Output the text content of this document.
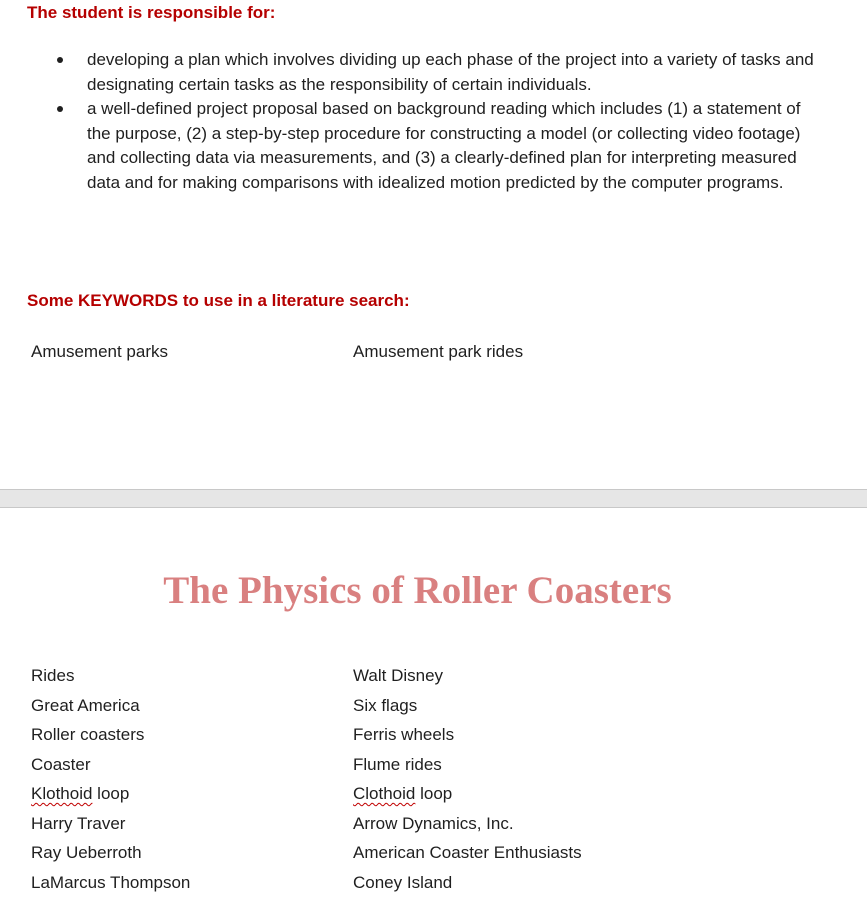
The student is responsible for:
developing a plan which involves dividing up each phase of the project into a variety of tasks and designating certain tasks as the responsibility of certain individuals.
a well-defined project proposal based on background reading which includes (1) a statement of the purpose, (2) a step-by-step procedure for constructing a model (or collecting video footage) and collecting data via measurements, and (3) a clearly-defined plan for interpreting measured data and for making comparisons with idealized motion predicted by the computer programs.
Some KEYWORDS to use in a literature search:
Amusement parks	Amusement park rides
The Physics of Roller Coasters
Rides
Great America
Roller coasters
Coaster
Klothoid loop
Harry Traver
Ray Ueberroth
LaMarcus Thompson
Walt Disney
Six flags
Ferris wheels
Flume rides
Clothoid loop
Arrow Dynamics, Inc.
American Coaster Enthusiasts
Coney Island
